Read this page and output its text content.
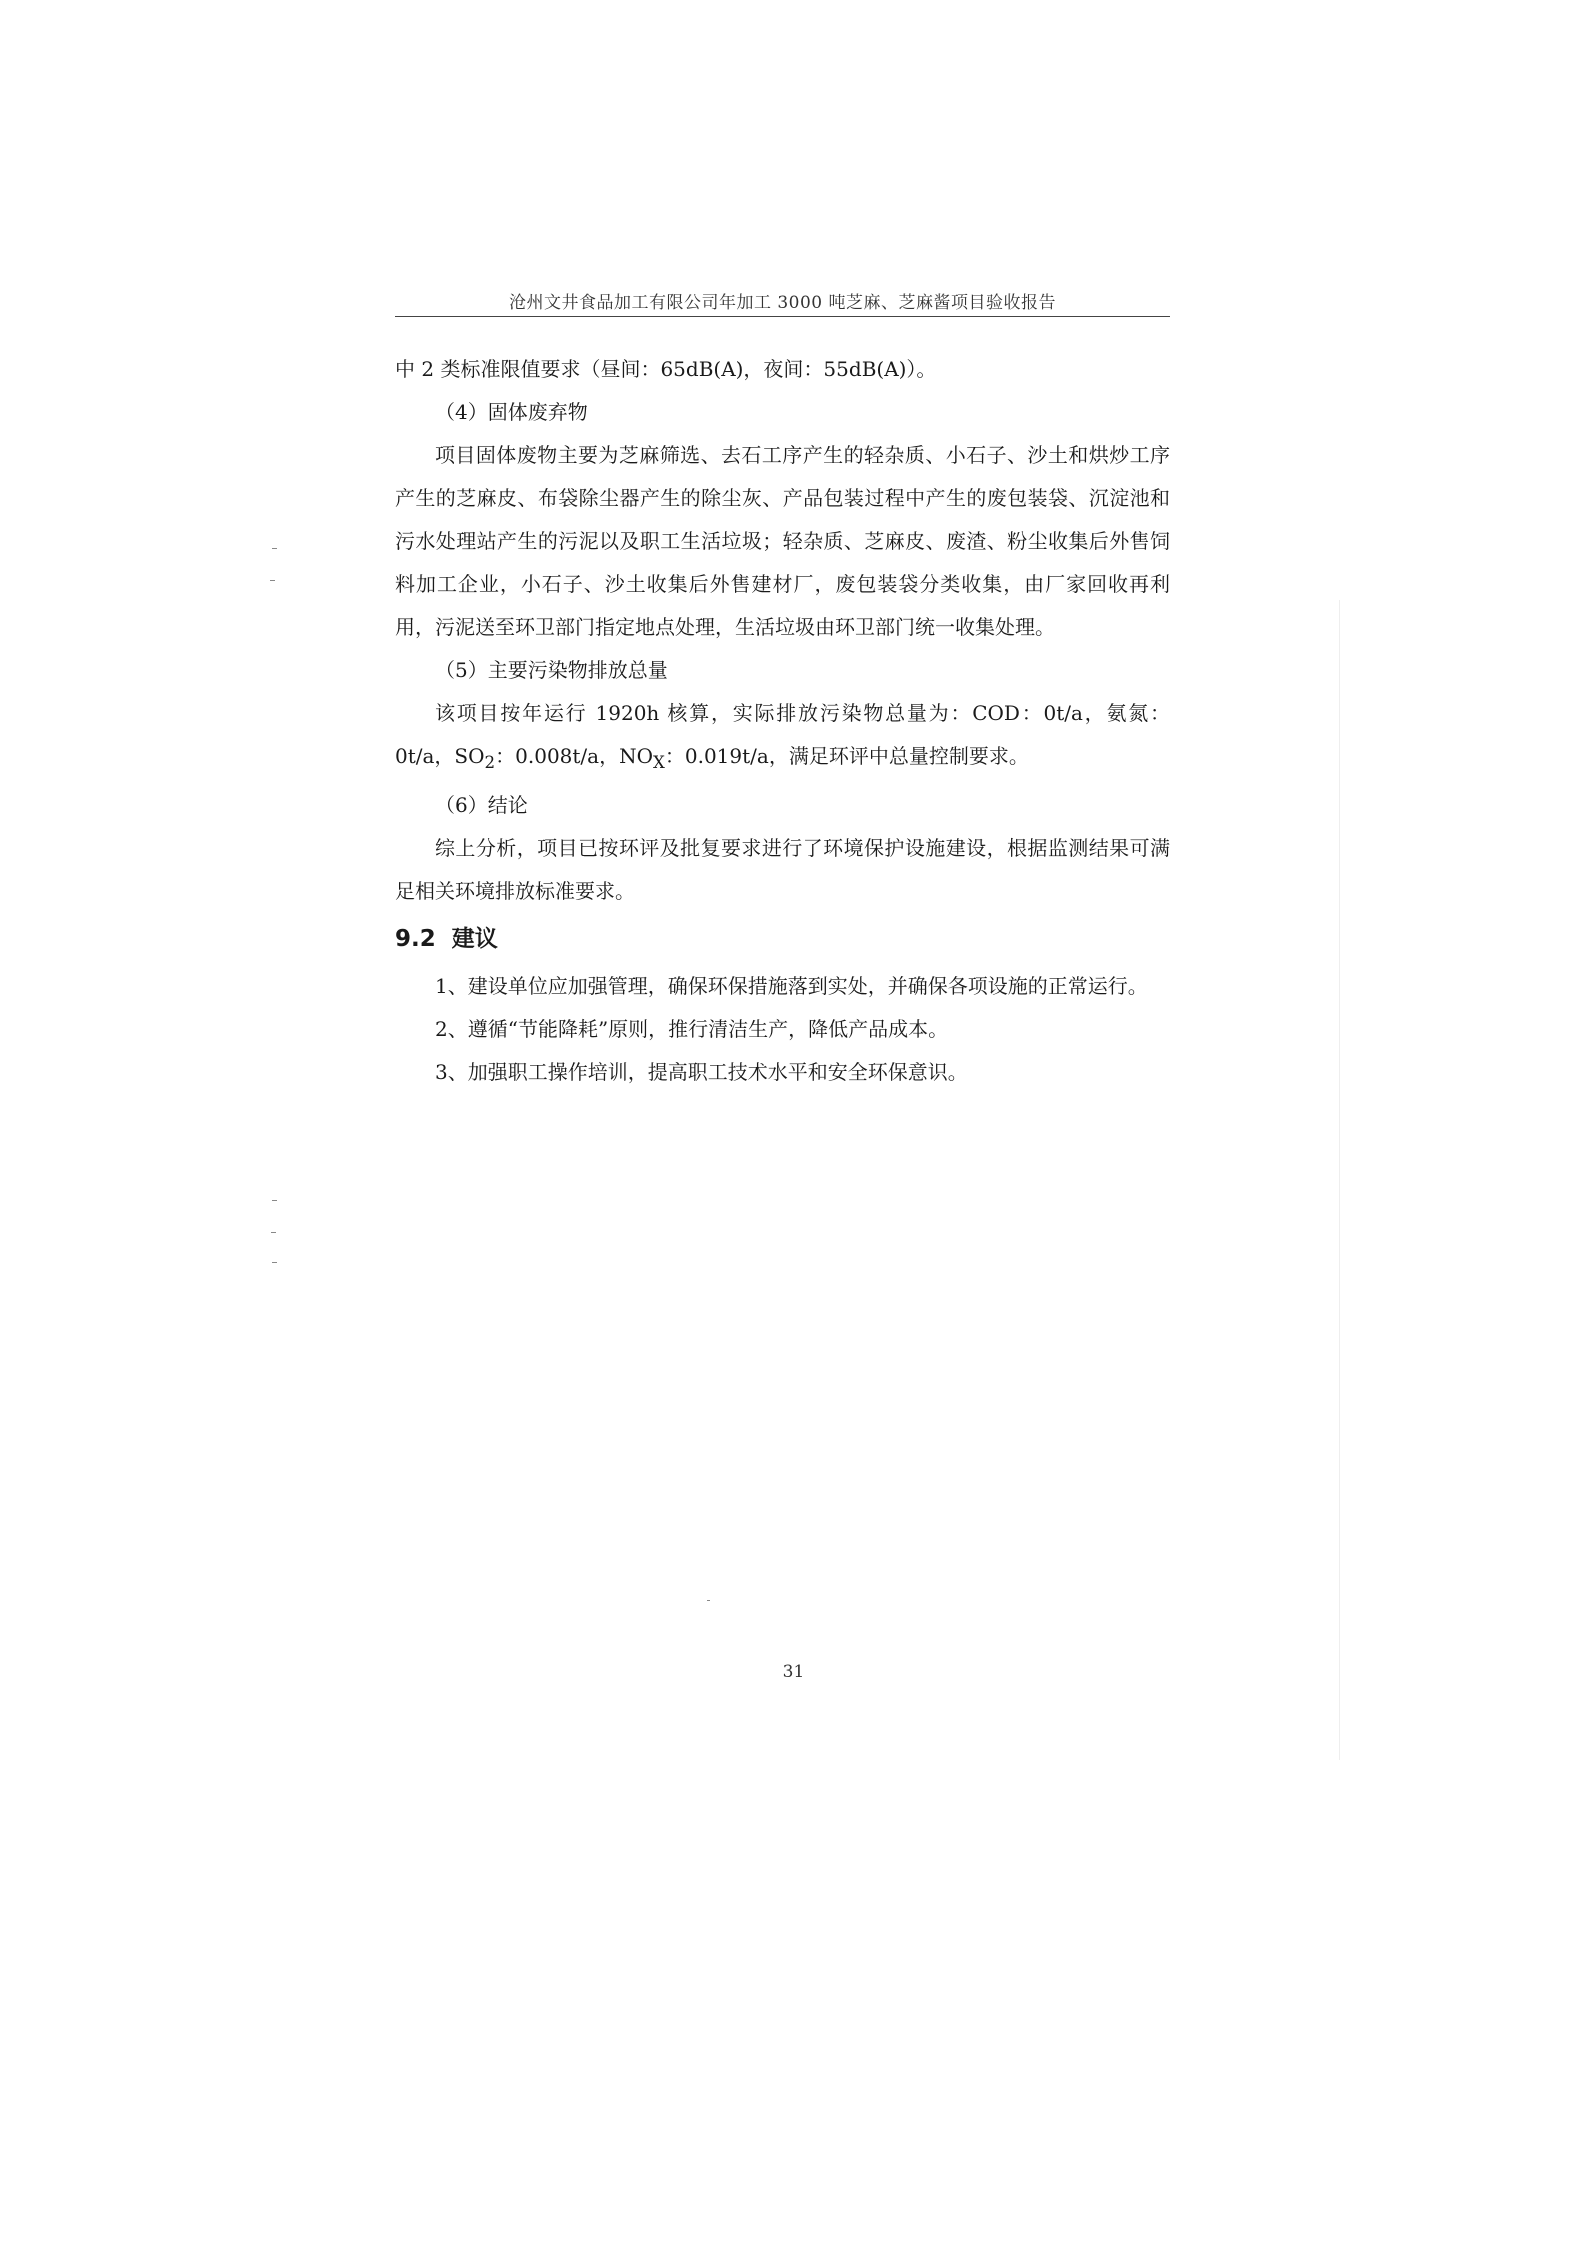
沧州文井食品加工有限公司年加工 3000 吨芝麻、芝麻酱项目验收报告

中 2 类标准限值要求（昼间：65dB(A)，夜间：55dB(A)）。

（4）固体废弃物

项目固体废物主要为芝麻筛选、去石工序产生的轻杂质、小石子、沙土和烘炒工序产生的芝麻皮、布袋除尘器产生的除尘灰、产品包装过程中产生的废包装袋、沉淀池和污水处理站产生的污泥以及职工生活垃圾；轻杂质、芝麻皮、废渣、粉尘收集后外售饲料加工企业，小石子、沙土收集后外售建材厂，废包装袋分类收集，由厂家回收再利用，污泥送至环卫部门指定地点处理，生活垃圾由环卫部门统一收集处理。

（5）主要污染物排放总量

该项目按年运行 1920h 核算，实际排放污染物总量为：COD：0t/a，氨氮：0t/a，$SO_2$：0.008t/a，$NO_X$：0.019t/a，满足环评中总量控制要求。

（6）结论

综上分析，项目已按环评及批复要求进行了环境保护设施建设，根据监测结果可满足相关环境排放标准要求。

9.2 建议

1、建设单位应加强管理，确保环保措施落到实处，并确保各项设施的正常运行。

2、遵循“节能降耗”原则，推行清洁生产，降低产品成本。

3、加强职工操作培训，提高职工技术水平和安全环保意识。

31
